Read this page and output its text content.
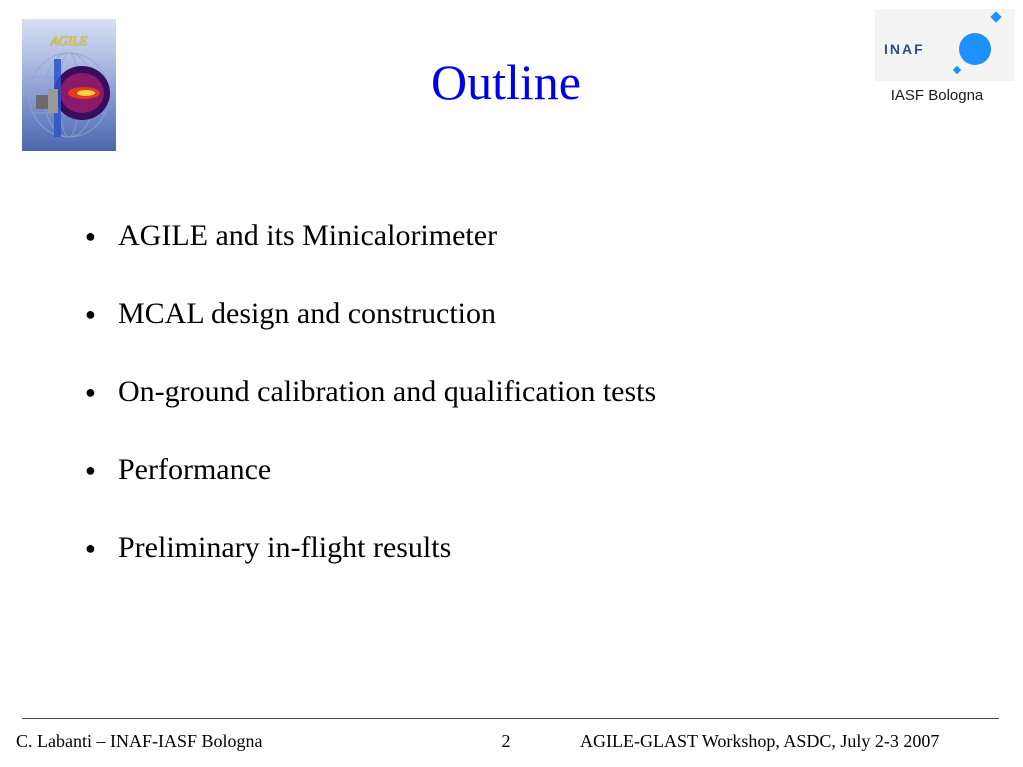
AGILE
Outline
INAF
IASF Bologna
● AGILE and its Minicalorimeter
● MCAL design and construction
● On-ground calibration and qualification tests
● Performance
● Preliminary in-flight results
C. Labanti – INAF-IASF Bologna	2	AGILE-GLAST Workshop, ASDC, July 2-3 2007
